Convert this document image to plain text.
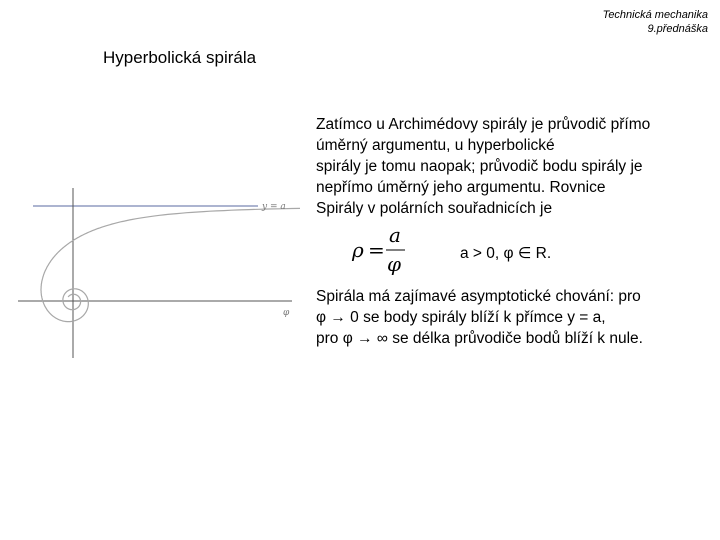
Technická mechanika
9.přednáška
Hyperbolická spirála
y = a
φ
Zatímco u Archimédovy spirály je průvodič přímo
úměrný argumentu, u hyperbolické
spirály je tomu naopak; průvodič bodu spirály je
nepřímo úměrný jeho argumentu. Rovnice
Spirály v polárních souřadnicích je
ρ =
a
φ	a > 0, φ ∈ R.
Spirála má zajímavé asymptotické chování: pro
φ → 0 se body spirály blíží k přímce y = a,
pro φ → ∞ se délka průvodiče bodů blíží k nule.
